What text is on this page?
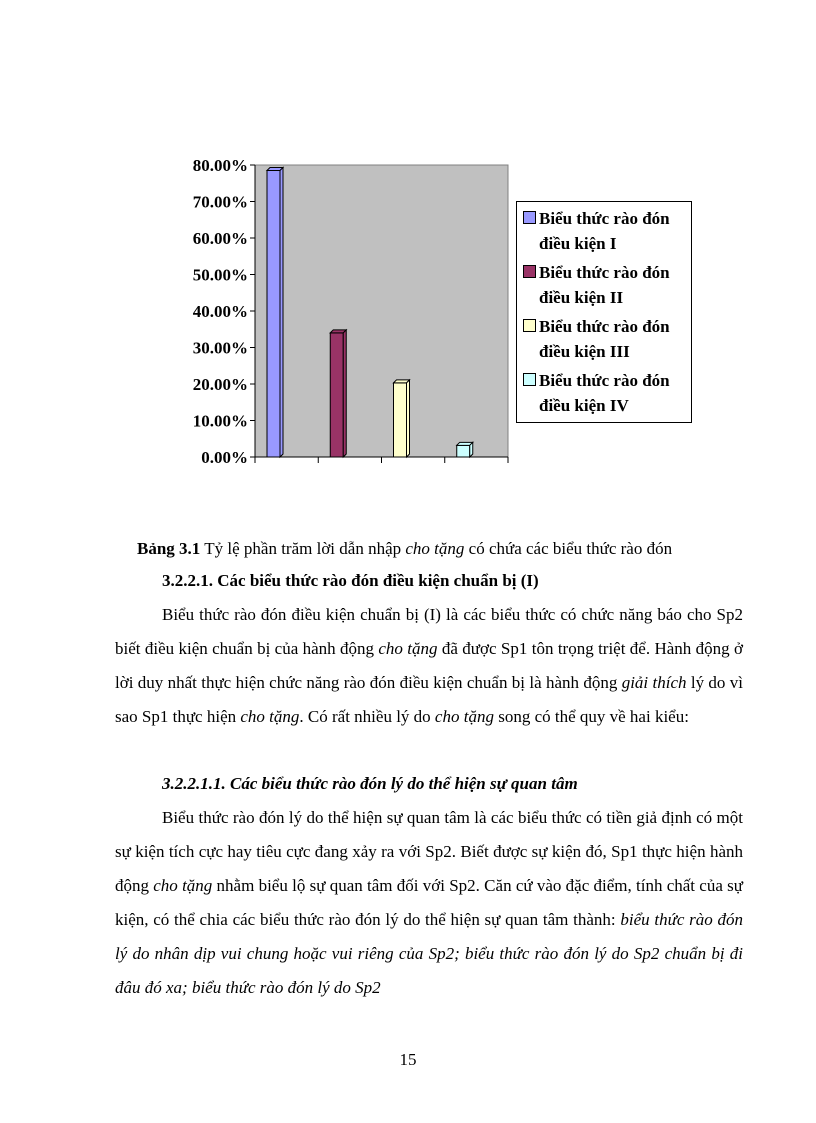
0.00%
10.00%
20.00%
30.00%
40.00%
50.00%
60.00%
70.00%
80.00%
Biểu thức rào đón điều kiện I
Biểu thức rào đón điều kiện II
Biểu thức rào đón điều kiện III
Biểu thức rào đón điều kiện IV
Bảng 3.1 Tỷ lệ phần trăm lời dẫn nhập cho tặng có chứa các biểu thức rào đón
3.2.2.1. Các biểu thức rào đón điều kiện chuẩn bị (I)

Biểu thức rào đón điều kiện chuẩn bị (I) là các biểu thức có chức năng báo cho Sp2 biết điều kiện chuẩn bị của hành động cho tặng đã được Sp1 tôn trọng triệt để. Hành động ở lời duy nhất thực hiện chức năng rào đón điều kiện chuẩn bị là hành động giải thích lý do vì sao Sp1 thực hiện cho tặng. Có rất nhiều lý do cho tặng song có thể quy về hai kiểu:

3.2.2.1.1. Các biểu thức rào đón lý do thể hiện sự quan tâm

Biểu thức rào đón lý do thể hiện sự quan tâm là các biểu thức có tiền giả định có một sự kiện tích cực hay tiêu cực đang xảy ra với Sp2. Biết được sự kiện đó, Sp1 thực hiện hành động cho tặng nhằm biểu lộ sự quan tâm đối với Sp2. Căn cứ vào đặc điểm, tính chất của sự kiện, có thể chia các biểu thức rào đón lý do thể hiện sự quan tâm thành: biểu thức rào đón lý do nhân dịp vui chung hoặc vui riêng của Sp2; biểu thức rào đón lý do Sp2 chuẩn bị đi đâu đó xa; biểu thức rào đón lý do Sp2

15
